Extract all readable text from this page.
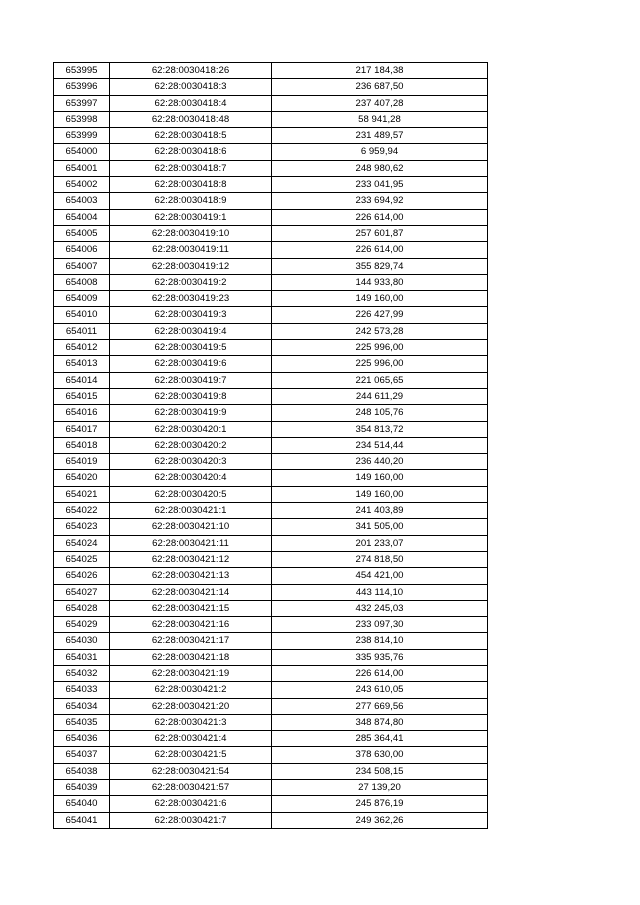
653995	62:28:0030418:26	217 184,38
653996	62:28:0030418:3	236 687,50
653997	62:28:0030418:4	237 407,28
653998	62:28:0030418:48	58 941,28
653999	62:28:0030418:5	231 489,57
654000	62:28:0030418:6	6 959,94
654001	62:28:0030418:7	248 980,62
654002	62:28:0030418:8	233 041,95
654003	62:28:0030418:9	233 694,92
654004	62:28:0030419:1	226 614,00
654005	62:28:0030419:10	257 601,87
654006	62:28:0030419:11	226 614,00
654007	62:28:0030419:12	355 829,74
654008	62:28:0030419:2	144 933,80
654009	62:28:0030419:23	149 160,00
654010	62:28:0030419:3	226 427,99
654011	62:28:0030419:4	242 573,28
654012	62:28:0030419:5	225 996,00
654013	62:28:0030419:6	225 996,00
654014	62:28:0030419:7	221 065,65
654015	62:28:0030419:8	244 611,29
654016	62:28:0030419:9	248 105,76
654017	62:28:0030420:1	354 813,72
654018	62:28:0030420:2	234 514,44
654019	62:28:0030420:3	236 440,20
654020	62:28:0030420:4	149 160,00
654021	62:28:0030420:5	149 160,00
654022	62:28:0030421:1	241 403,89
654023	62:28:0030421:10	341 505,00
654024	62:28:0030421:11	201 233,07
654025	62:28:0030421:12	274 818,50
654026	62:28:0030421:13	454 421,00
654027	62:28:0030421:14	443 114,10
654028	62:28:0030421:15	432 245,03
654029	62:28:0030421:16	233 097,30
654030	62:28:0030421:17	238 814,10
654031	62:28:0030421:18	335 935,76
654032	62:28:0030421:19	226 614,00
654033	62:28:0030421:2	243 610,05
654034	62:28:0030421:20	277 669,56
654035	62:28:0030421:3	348 874,80
654036	62:28:0030421:4	285 364,41
654037	62:28:0030421:5	378 630,00
654038	62:28:0030421:54	234 508,15
654039	62:28:0030421:57	27 139,20
654040	62:28:0030421:6	245 876,19
654041	62:28:0030421:7	249 362,26
